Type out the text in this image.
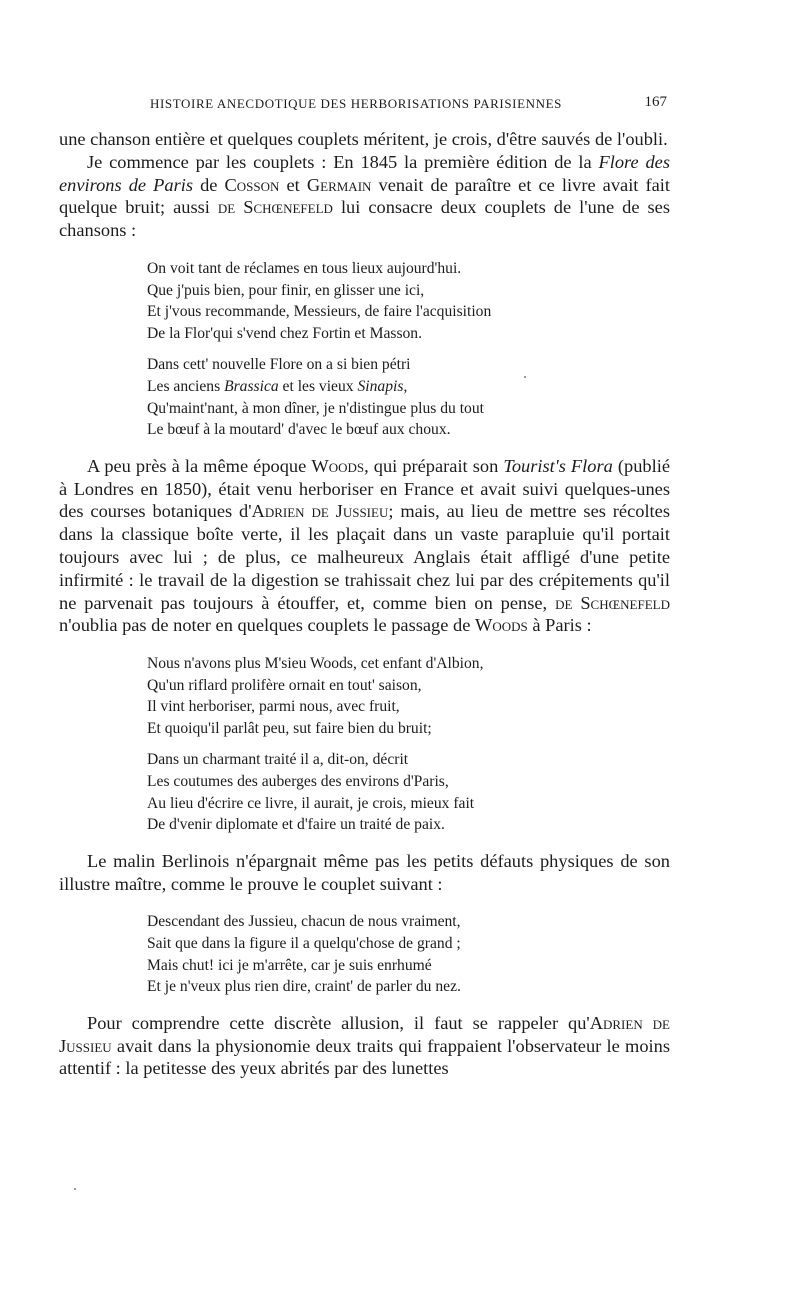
HISTOIRE ANECDOTIQUE DES HERBORISATIONS PARISIENNES	167

une chanson entière et quelques couplets méritent, je crois, d'être sauvés de l'oubli.

Je commence par les couplets : En 1845 la première édition de la Flore des environs de Paris de Cosson et Germain venait de paraître et ce livre avait fait quelque bruit; aussi de Schœnefeld lui consacre deux couplets de l'une de ses chansons :

On voit tant de réclames en tous lieux aujourd'hui.
Que j'puis bien, pour finir, en glisser une ici,
Et j'vous recommande, Messieurs, de faire l'acquisition
De la Flor'qui s'vend chez Fortin et Masson.
Dans cett' nouvelle Flore on a si bien pétri
Les anciens Brassica et les vieux Sinapis,
Qu'maint'nant, à mon dîner, je n'distingue plus du tout
Le bœuf à la moutard' d'avec le bœuf aux choux.

A peu près à la même époque Woods, qui préparait son Tourist's Flora (publié à Londres en 1850), était venu herboriser en France et avait suivi quelques-unes des courses botaniques d'Adrien de Jussieu; mais, au lieu de mettre ses récoltes dans la classique boîte verte, il les plaçait dans un vaste parapluie qu'il portait toujours avec lui ; de plus, ce malheureux Anglais était affligé d'une petite infirmité : le travail de la digestion se trahissait chez lui par des crépitements qu'il ne parvenait pas toujours à étouffer, et, comme bien on pense, de Schœnefeld n'oublia pas de noter en quelques couplets le passage de Woods à Paris :

Nous n'avons plus M'sieu Woods, cet enfant d'Albion,
Qu'un riflard prolifère ornait en tout' saison,
Il vint herboriser, parmi nous, avec fruit,
Et quoiqu'il parlât peu, sut faire bien du bruit;
Dans un charmant traité il a, dit-on, décrit
Les coutumes des auberges des environs d'Paris,
Au lieu d'écrire ce livre, il aurait, je crois, mieux fait
De d'venir diplomate et d'faire un traité de paix.

Le malin Berlinois n'épargnait même pas les petits défauts physiques de son illustre maître, comme le prouve le couplet suivant :

Descendant des Jussieu, chacun de nous vraiment,
Sait que dans la figure il a quelqu'chose de grand ;
Mais chut! ici je m'arrête, car je suis enrhumé
Et je n'veux plus rien dire, craint' de parler du nez.

Pour comprendre cette discrète allusion, il faut se rappeler qu'Adrien de Jussieu avait dans la physionomie deux traits qui frappaient l'observateur le moins attentif : la petitesse des yeux abrités par des lunettes
